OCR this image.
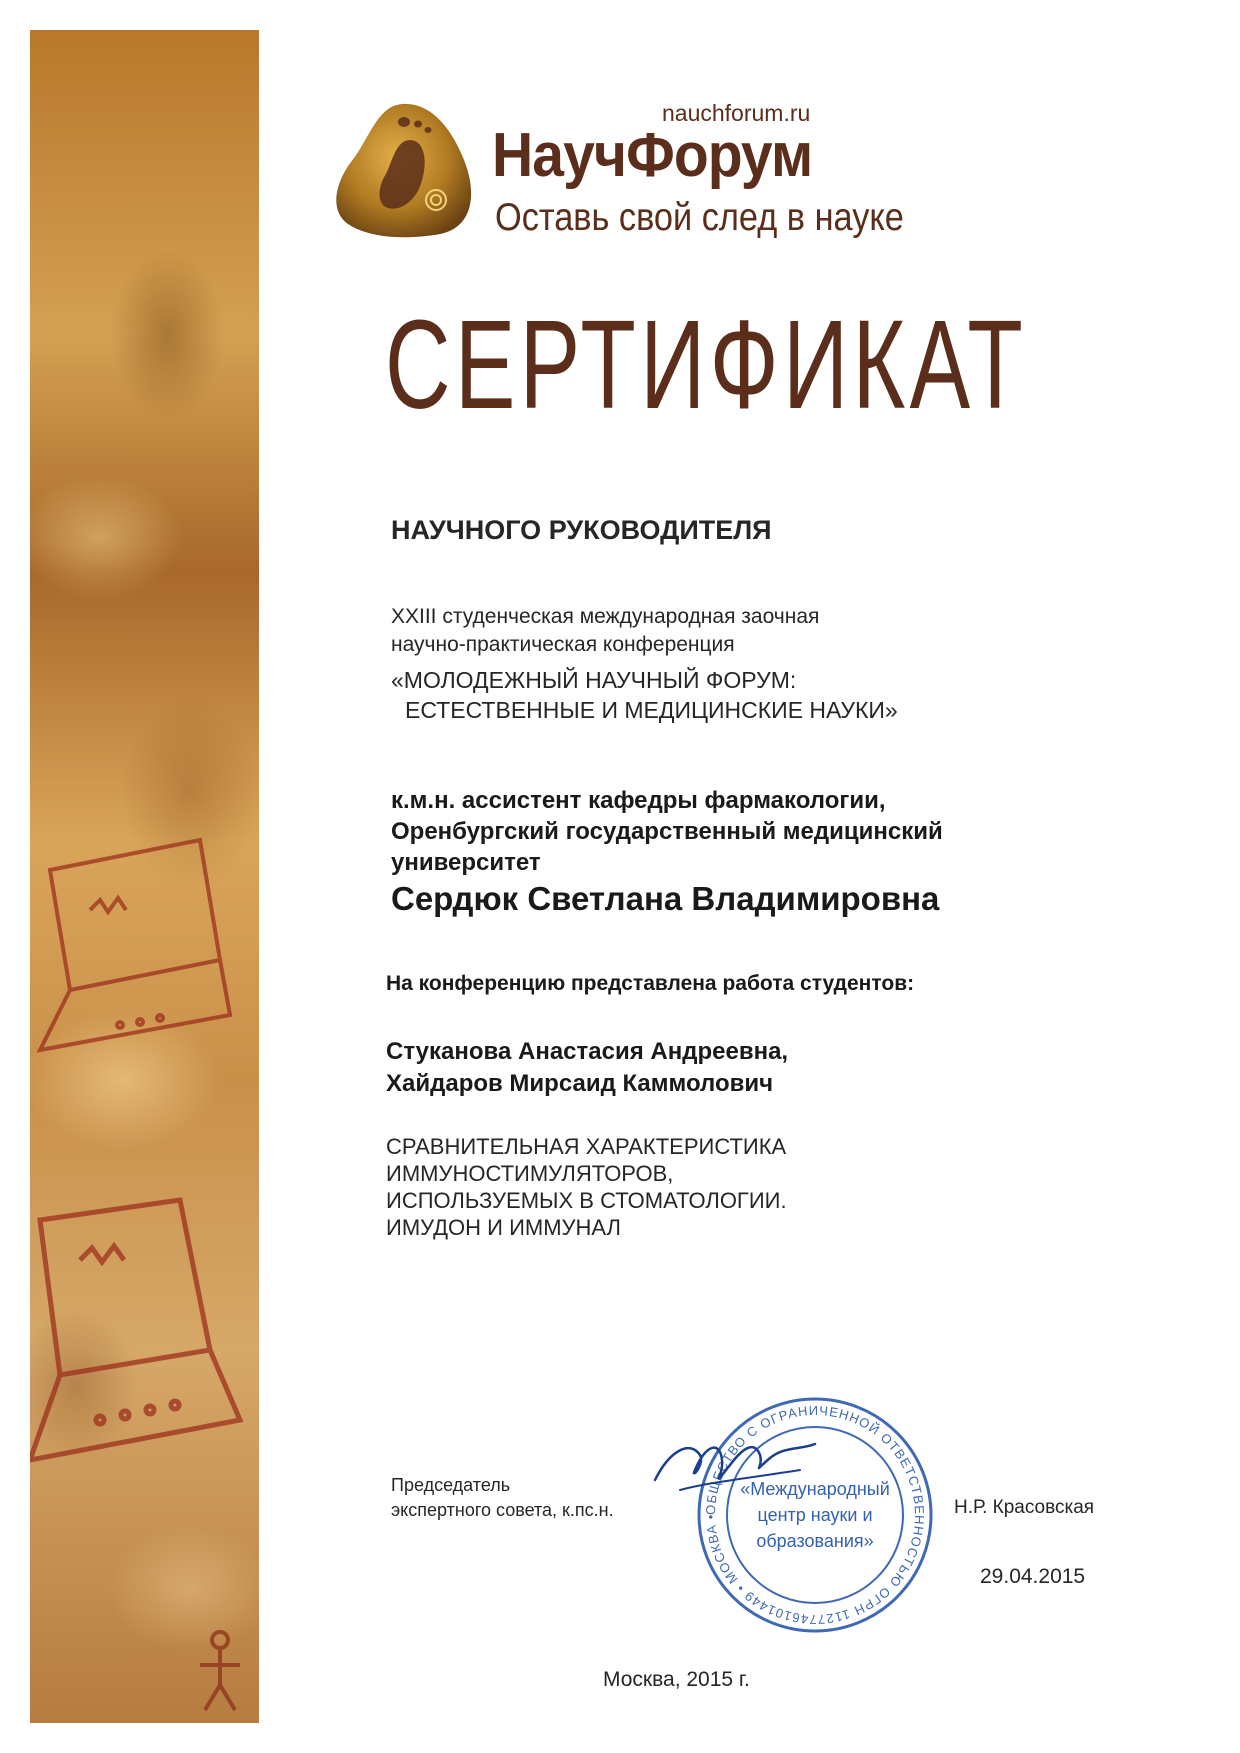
nauchforum.ru
НаучФорум
Оставь свой след в науке
СЕРТИФИКАТ
НАУЧНОГО РУКОВОДИТЕЛЯ
XXIII студенческая международная заочная
научно-практическая конференция
«МОЛОДЕЖНЫЙ НАУЧНЫЙ ФОРУМ:
ЕСТЕСТВЕННЫЕ И МЕДИЦИНСКИЕ НАУКИ»
к.м.н. ассистент кафедры фармакологии,
Оренбургский государственный медицинский
университет
Сердюк Светлана Владимировна
На конференцию представлена работа студентов:
Стуканова Анастасия Андреевна,
Хайдаров Мирсаид Каммолович
СРАВНИТЕЛЬНАЯ ХАРАКТЕРИСТИКА
ИММУНОСТИМУЛЯТОРОВ,
ИСПОЛЬЗУЕМЫХ В СТОМАТОЛОГИИ.
ИМУДОН И ИММУНАЛ
Председатель
экспертного совета, к.пс.н.	ОБЩЕСТВО С ОГРАНИЧЕННОЙ ОТВЕТСТВЕННОСТЬЮ ОГРН 1127746101449 • МОСКВА •
«Международный
центр науки и
образования»
Н.Р. Красовская
29.04.2015
Москва, 2015 г.
